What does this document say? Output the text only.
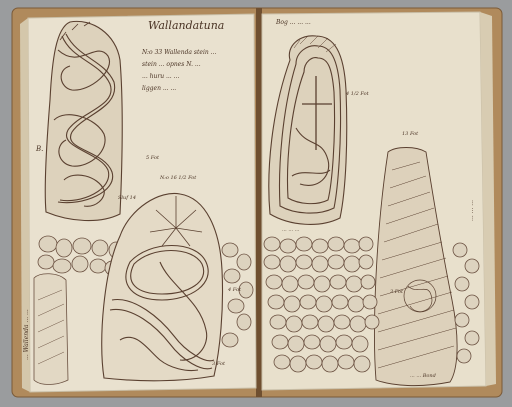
Wallandatuna
N:o 33 Wallenda stein ...
stein ... opnes N. ...
... huru ... ...
liggen ... ...
B.
5 Fot
N:o 16 1/2 Fot
Sluf 14
4 Fot
3 Fot
... Wallenda ... ...
Bog ... ... ...
4 1/2 Fot
13 Fot
3 Fot
... ... ...
... ... Bond
... ... ...
